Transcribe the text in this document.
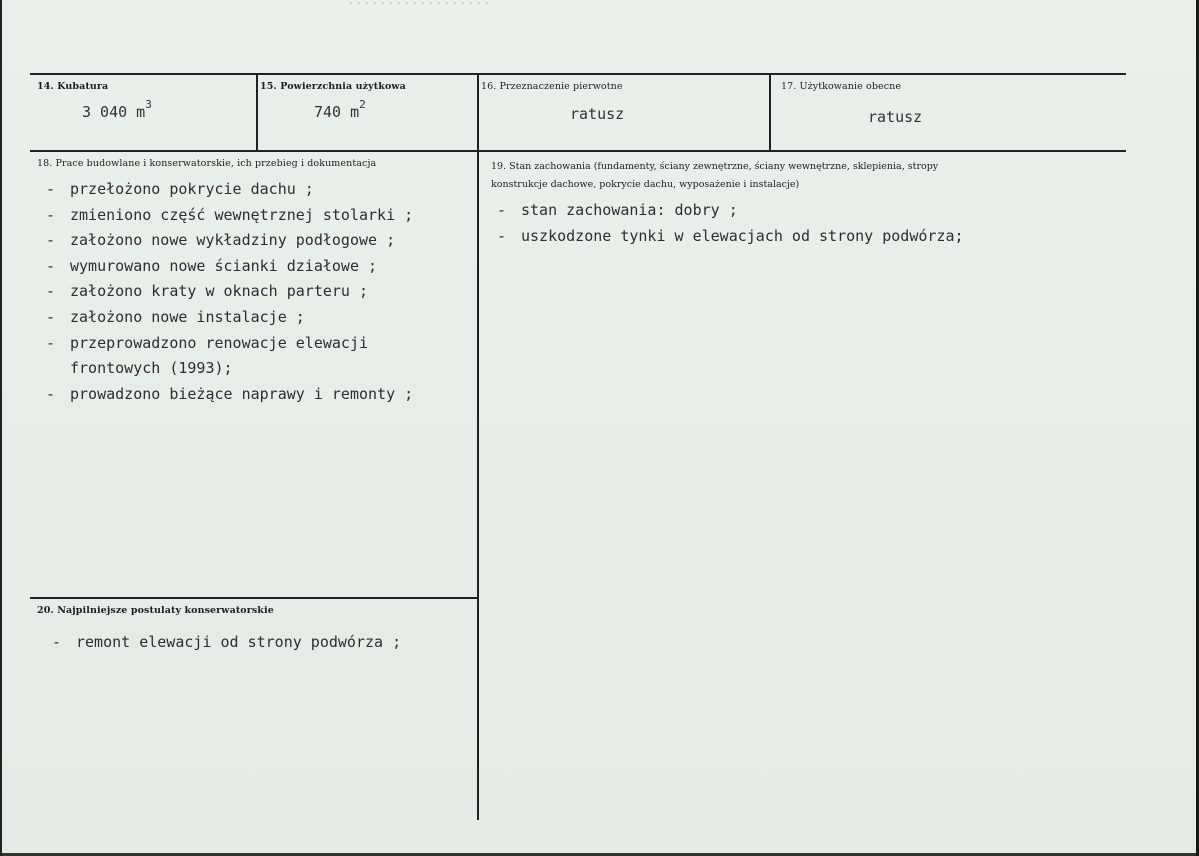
14. Kubatura
3 040 $m^3$
15. Powierzchnia użytkowa
740 $m^2$
16. Przeznaczenie pierwotne
ratusz
17. Użytkowanie obecne
ratusz
18. Prace budowlane i konserwatorskie, ich przebieg i dokumentacja
- przełożono pokrycie dachu ;
- zmieniono część wewnętrznej stolarki ;
- założono nowe wykładziny podłogowe ;
- wymurowano nowe ścianki działowe ;
- założono kraty w oknach parteru ;
- założono nowe instalacje ;
- przeprowadzono renowacje elewacji
frontowych (1993);
- prowadzono bieżące naprawy i remonty ;
19. Stan zachowania (fundamenty, ściany zewnętrzne, ściany wewnętrzne, sklepienia, stropy
konstrukcje dachowe, pokrycie dachu, wyposażenie i instalacje)
- stan zachowania: dobry ;
- uszkodzone tynki w elewacjach od strony podwórza;
20. Najpilniejsze postulaty konserwatorskie
- remont elewacji od strony podwórza ;
